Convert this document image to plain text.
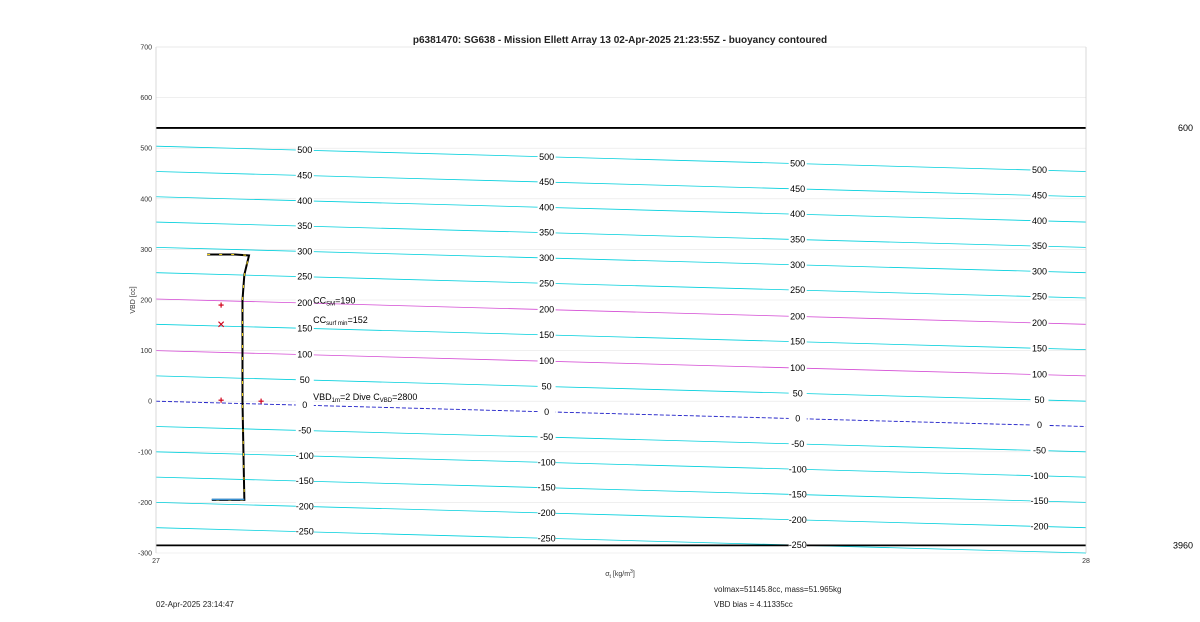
p6381470: SG638 - Mission Ellett Array 13 02-Apr-2025 21:23:55Z - buoyancy contoured
600
3960
500
500
500
500
450
450
450
450
400
400
400
400
350
350
350
350
300
300
300
300
250
250
250
250
200
200
200
200
150
150
150
150
100
100
100
100
50
50
50
50
0
0
0
0
-50
-50
-50
-50
-100
-100
-100
-100
-150
-150
-150
-150
-200
-200
-200
-200
-250
-250
-250
$CC_{SM}=190$
$CC_{surf min}=152$
$VBD_{1m}=2$ Dive $C_{VBD}=2800$
700
600
500
400
300
200
100
0
-100
-200
-300
27	28
VBD [cc]
$\sigma_t$ $[kg/m^3]$
02-Apr-2025 23:14:47
volmax=51145.8cc, mass=51.965kg
VBD bias = 4.11335cc
